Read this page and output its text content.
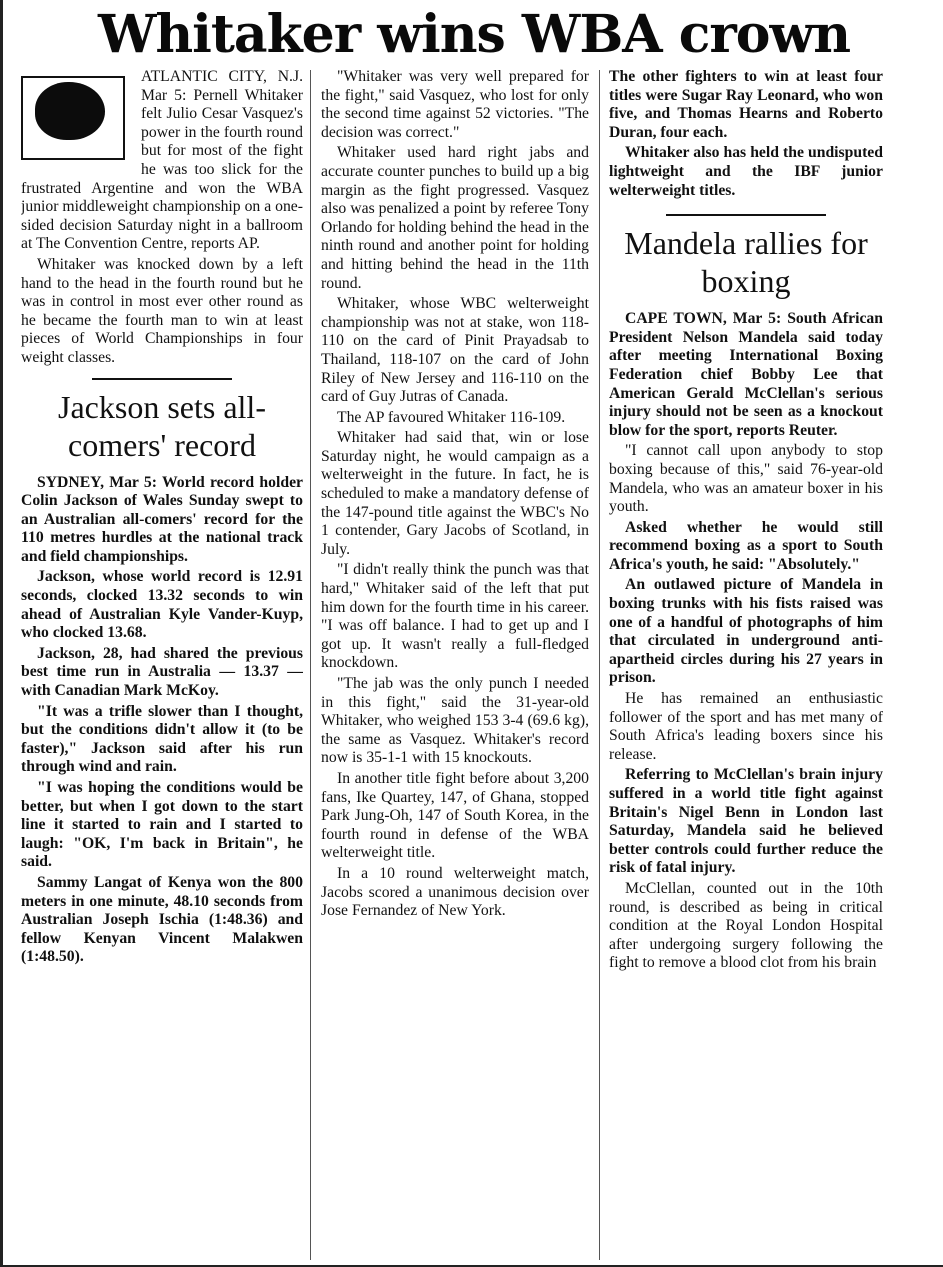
Whitaker wins WBA crown

ATLANTIC CITY, N.J. Mar 5: Pernell Whitaker felt Julio Cesar Vasquez's power in the fourth round but for most of the fight he was too slick for the frustrated Argentine and won the WBA junior middleweight championship on a one-sided decision Saturday night in a ballroom at The Convention Centre, reports AP.

Whitaker was knocked down by a left hand to the head in the fourth round but he was in control in most ever other round as he became the fourth man to win at least pieces of World Championships in four weight classes.

Jackson sets all-comers' record

SYDNEY, Mar 5: World record holder Colin Jackson of Wales Sunday swept to an Australian all-comers' record for the 110 metres hurdles at the national track and field championships.

Jackson, whose world record is 12.91 seconds, clocked 13.32 seconds to win ahead of Australian Kyle Vander-Kuyp, who clocked 13.68.

Jackson, 28, had shared the previous best time run in Australia — 13.37 — with Canadian Mark McKoy.

"It was a trifle slower than I thought, but the conditions didn't allow it (to be faster)," Jackson said after his run through wind and rain.

"I was hoping the conditions would be better, but when I got down to the start line it started to rain and I started to laugh: "OK, I'm back in Britain", he said.

Sammy Langat of Kenya won the 800 meters in one minute, 48.10 seconds from Australian Joseph Ischia (1:48.36) and fellow Kenyan Vincent Malakwen (1:48.50).

"Whitaker was very well prepared for the fight," said Vasquez, who lost for only the second time against 52 victories. "The decision was correct."

Whitaker used hard right jabs and accurate counter punches to build up a big margin as the fight progressed. Vasquez also was penalized a point by referee Tony Orlando for holding behind the head in the ninth round and another point for holding and hitting behind the head in the 11th round.

Whitaker, whose WBC welterweight championship was not at stake, won 118-110 on the card of Pinit Prayadsab to Thailand, 118-107 on the card of John Riley of New Jersey and 116-110 on the card of Guy Jutras of Canada.

The AP favoured Whitaker 116-109.

Whitaker had said that, win or lose Saturday night, he would campaign as a welterweight in the future. In fact, he is scheduled to make a mandatory defense of the 147-pound title against the WBC's No 1 contender, Gary Jacobs of Scotland, in July.

"I didn't really think the punch was that hard," Whitaker said of the left that put him down for the fourth time in his career. "I was off balance. I had to get up and I got up. It wasn't really a full-fledged knockdown.

"The jab was the only punch I needed in this fight," said the 31-year-old Whitaker, who weighed 153 3-4 (69.6 kg), the same as Vasquez. Whitaker's record now is 35-1-1 with 15 knockouts.

In another title fight before about 3,200 fans, Ike Quartey, 147, of Ghana, stopped Park Jung-Oh, 147 of South Korea, in the fourth round in defense of the WBA welterweight title.

In a 10 round welterweight match, Jacobs scored a unanimous decision over Jose Fernandez of New York.

The other fighters to win at least four titles were Sugar Ray Leonard, who won five, and Thomas Hearns and Roberto Duran, four each.

Whitaker also has held the undisputed lightweight and the IBF junior welterweight titles.

Mandela rallies for boxing

CAPE TOWN, Mar 5: South African President Nelson Mandela said today after meeting International Boxing Federation chief Bobby Lee that American Gerald McClellan's serious injury should not be seen as a knockout blow for the sport, reports Reuter.

"I cannot call upon anybody to stop boxing because of this," said 76-year-old Mandela, who was an amateur boxer in his youth.

Asked whether he would still recommend boxing as a sport to South Africa's youth, he said: "Absolutely."

An outlawed picture of Mandela in boxing trunks with his fists raised was one of a handful of photographs of him that circulated in underground anti-apartheid circles during his 27 years in prison.

He has remained an enthusiastic follower of the sport and has met many of South Africa's leading boxers since his release.

Referring to McClellan's brain injury suffered in a world title fight against Britain's Nigel Benn in London last Saturday, Mandela said he believed better controls could further reduce the risk of fatal injury.

McClellan, counted out in the 10th round, is described as being in critical condition at the Royal London Hospital after undergoing surgery following the fight to remove a blood clot from his brain
